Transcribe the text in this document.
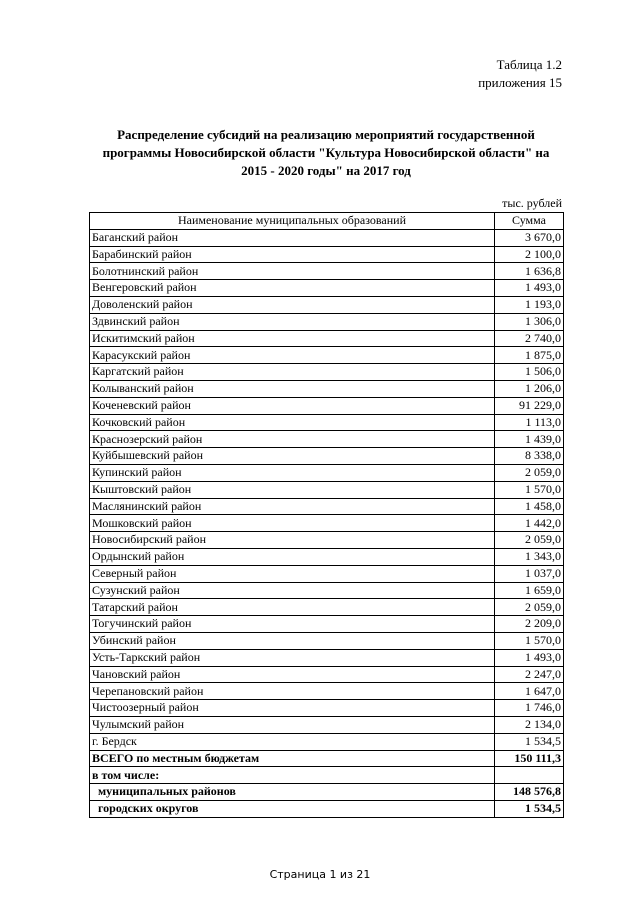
Таблица 1.2
приложения 15
Распределение субсидий на реализацию мероприятий государственной
программы Новосибирской области "Культура Новосибирской области" на
2015 - 2020 годы" на 2017 год
тыс. рублей
Наименование муниципальных образований	Сумма
Баганский район	3 670,0
Барабинский район	2 100,0
Болотнинский район	1 636,8
Венгеровский район	1 493,0
Доволенский район	1 193,0
Здвинский район	1 306,0
Искитимский район	2 740,0
Карасукский район	1 875,0
Каргатский район	1 506,0
Колыванский район	1 206,0
Коченевский район	91 229,0
Кочковский район	1 113,0
Краснозерский район	1 439,0
Куйбышевский район	8 338,0
Купинский район	2 059,0
Кыштовский район	1 570,0
Маслянинский район	1 458,0
Мошковский район	1 442,0
Новосибирский район	2 059,0
Ордынский район	1 343,0
Северный район	1 037,0
Сузунский район	1 659,0
Татарский район	2 059,0
Тогучинский район	2 209,0
Убинский район	1 570,0
Усть-Таркский район	1 493,0
Чановский район	2 247,0
Черепановский район	1 647,0
Чистоозерный район	1 746,0
Чулымский район	2 134,0
г. Бердск	1 534,5
ВСЕГО по местным бюджетам	150 111,3
в том числе:	
муниципальных районов	148 576,8
городских округов	1 534,5
Страница 1 из 21
